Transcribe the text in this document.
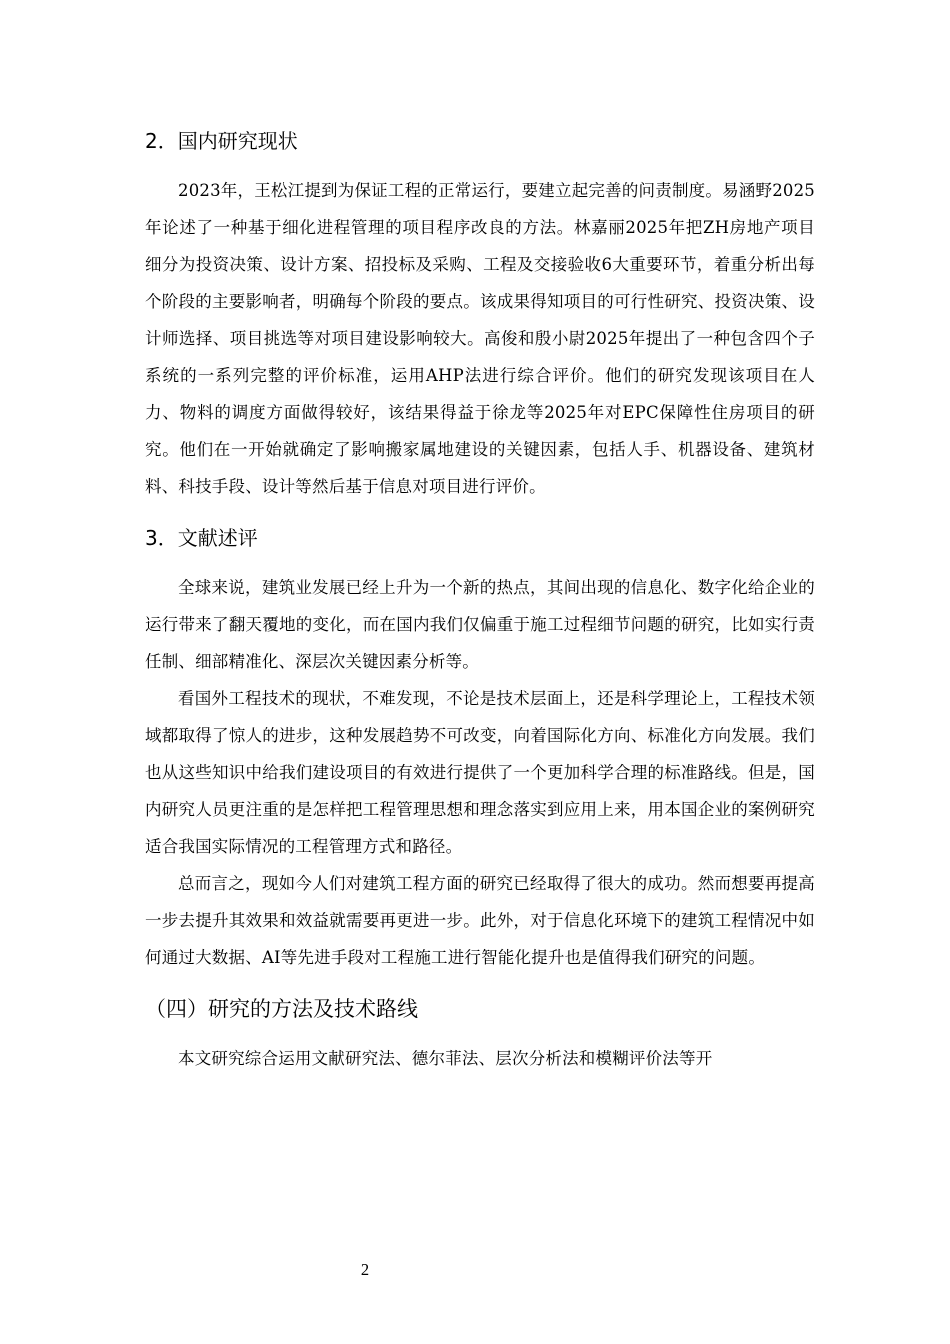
2．国内研究现状

2023年，王松江提到为保证工程的正常运行，要建立起完善的问责制度。易涵野2025年论述了一种基于细化进程管理的项目程序改良的方法。林嘉丽2025年把ZH房地产项目细分为投资决策、设计方案、招投标及采购、工程及交接验收6大重要环节，着重分析出每个阶段的主要影响者，明确每个阶段的要点。该成果得知项目的可行性研究、投资决策、设计师选择、项目挑选等对项目建设影响较大。高俊和殷小尉2025年提出了一种包含四个子系统的一系列完整的评价标准，运用AHP法进行综合评价。他们的研究发现该项目在人力、物料的调度方面做得较好，该结果得益于徐龙等2025年对EPC保障性住房项目的研究。他们在一开始就确定了影响搬家属地建设的关键因素，包括人手、机器设备、建筑材料、科技手段、设计等然后基于信息对项目进行评价。

3．文献述评

全球来说，建筑业发展已经上升为一个新的热点，其间出现的信息化、数字化给企业的运行带来了翻天覆地的变化，而在国内我们仅偏重于施工过程细节问题的研究，比如实行责任制、细部精准化、深层次关键因素分析等。

看国外工程技术的现状，不难发现，不论是技术层面上，还是科学理论上，工程技术领域都取得了惊人的进步，这种发展趋势不可改变，向着国际化方向、标准化方向发展。我们也从这些知识中给我们建设项目的有效进行提供了一个更加科学合理的标准路线。但是，国内研究人员更注重的是怎样把工程管理思想和理念落实到应用上来，用本国企业的案例研究适合我国实际情况的工程管理方式和路径。

总而言之，现如今人们对建筑工程方面的研究已经取得了很大的成功。然而想要再提高一步去提升其效果和效益就需要再更进一步。此外，对于信息化环境下的建筑工程情况中如何通过大数据、AI等先进手段对工程施工进行智能化提升也是值得我们研究的问题。

（四）研究的方法及技术路线

本文研究综合运用文献研究法、德尔菲法、层次分析法和模糊评价法等开

2
